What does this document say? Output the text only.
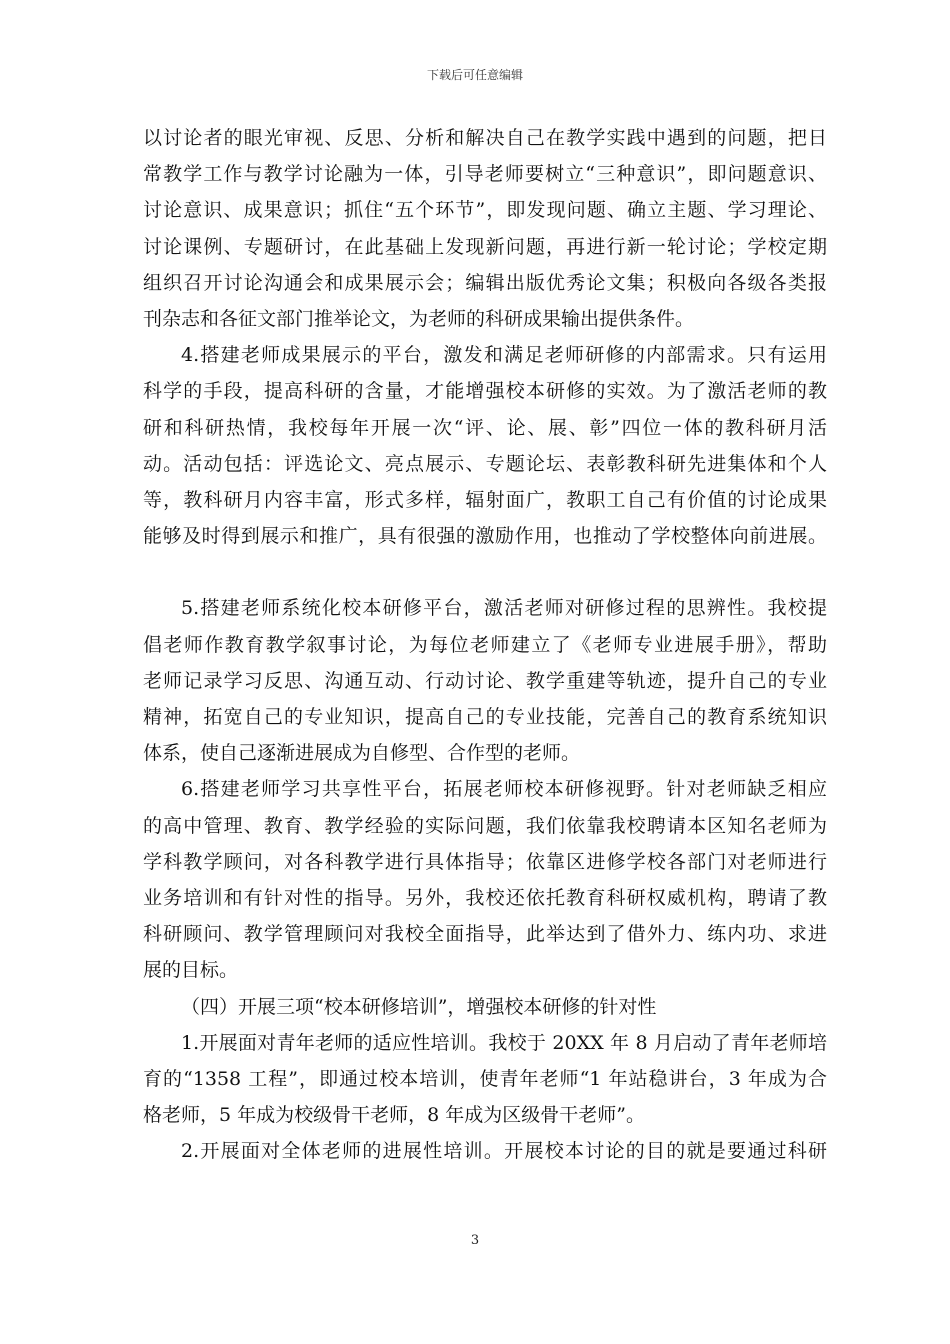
下载后可任意编辑
以讨论者的眼光审视、反思、分析和解决自己在教学实践中遇到的问题，把日
常教学工作与教学讨论融为一体，引导老师要树立“三种意识”，即问题意识、
讨论意识、成果意识；抓住“五个环节”，即发现问题、确立主题、学习理论、
讨论课例、专题研讨，在此基础上发现新问题，再进行新一轮讨论；学校定期
组织召开讨论沟通会和成果展示会；编辑出版优秀论文集；积极向各级各类报
刊杂志和各征文部门推举论文，为老师的科研成果输出提供条件。
4.搭建老师成果展示的平台，激发和满足老师研修的内部需求。只有运用
科学的手段，提高科研的含量，才能增强校本研修的实效。为了激活老师的教
研和科研热情，我校每年开展一次“评、论、展、彰”四位一体的教科研月活
动。活动包括：评选论文、亮点展示、专题论坛、表彰教科研先进集体和个人
等，教科研月内容丰富，形式多样，辐射面广，教职工自己有价值的讨论成果
能够及时得到展示和推广，具有很强的激励作用，也推动了学校整体向前进展。
5.搭建老师系统化校本研修平台，激活老师对研修过程的思辨性。我校提
倡老师作教育教学叙事讨论，为每位老师建立了《老师专业进展手册》，帮助
老师记录学习反思、沟通互动、行动讨论、教学重建等轨迹，提升自己的专业
精神，拓宽自己的专业知识，提高自己的专业技能，完善自己的教育系统知识
体系，使自己逐渐进展成为自修型、合作型的老师。
6.搭建老师学习共享性平台，拓展老师校本研修视野。针对老师缺乏相应
的高中管理、教育、教学经验的实际问题，我们依靠我校聘请本区知名老师为
学科教学顾问，对各科教学进行具体指导；依靠区进修学校各部门对老师进行
业务培训和有针对性的指导。另外，我校还依托教育科研权威机构，聘请了教
科研顾问、教学管理顾问对我校全面指导，此举达到了借外力、练内功、求进
展的目标。
（四）开展三项“校本研修培训”，增强校本研修的针对性
1.开展面对青年老师的适应性培训。我校于 20XX 年 8 月启动了青年老师培
育的“1358 工程”，即通过校本培训，使青年老师“1 年站稳讲台，3 年成为合
格老师，5 年成为校级骨干老师，8 年成为区级骨干老师”。
2.开展面对全体老师的进展性培训。开展校本讨论的目的就是要通过科研
3
